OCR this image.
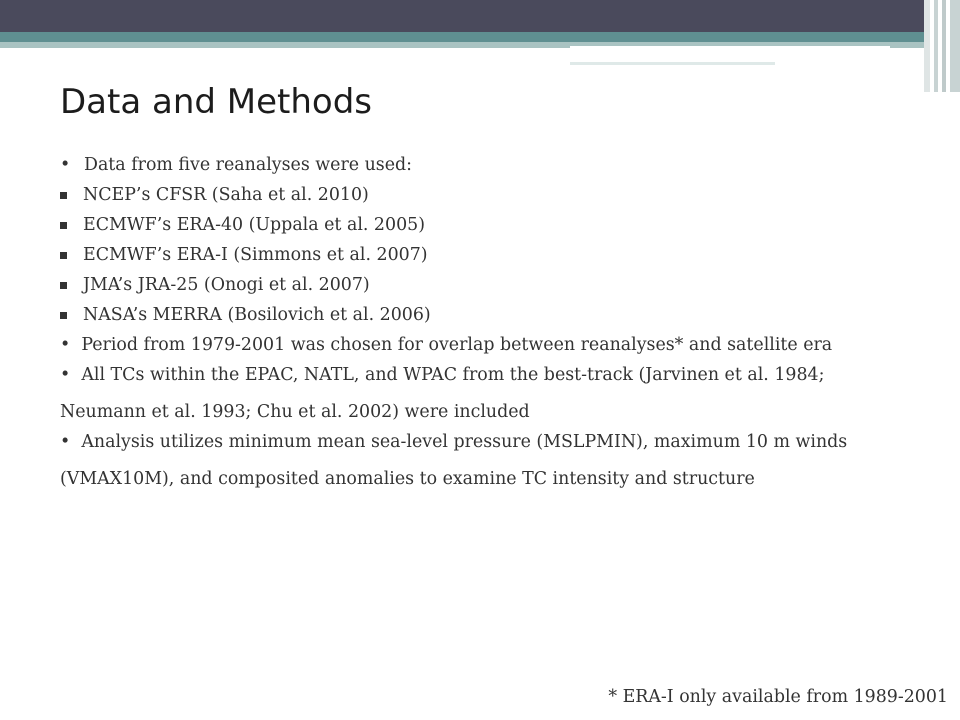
Data and Methods

• Data from five reanalyses were used:

NCEP’s CFSR (Saha et al. 2010)

ECMWF’s ERA-40 (Uppala et al. 2005)

ECMWF’s ERA-I (Simmons et al. 2007)

JMA’s JRA-25 (Onogi et al. 2007)

NASA’s MERRA (Bosilovich et al. 2006)

• Period from 1979-2001 was chosen for overlap between reanalyses* and satellite era

• All TCs within the EPAC, NATL, and WPAC from the best-track (Jarvinen et al. 1984;

Neumann et al. 1993; Chu et al. 2002) were included

• Analysis utilizes minimum mean sea-level pressure (MSLPMIN), maximum 10 m winds

(VMAX10M), and composited anomalies to examine TC intensity and structure

* ERA-I only available from 1989-2001
